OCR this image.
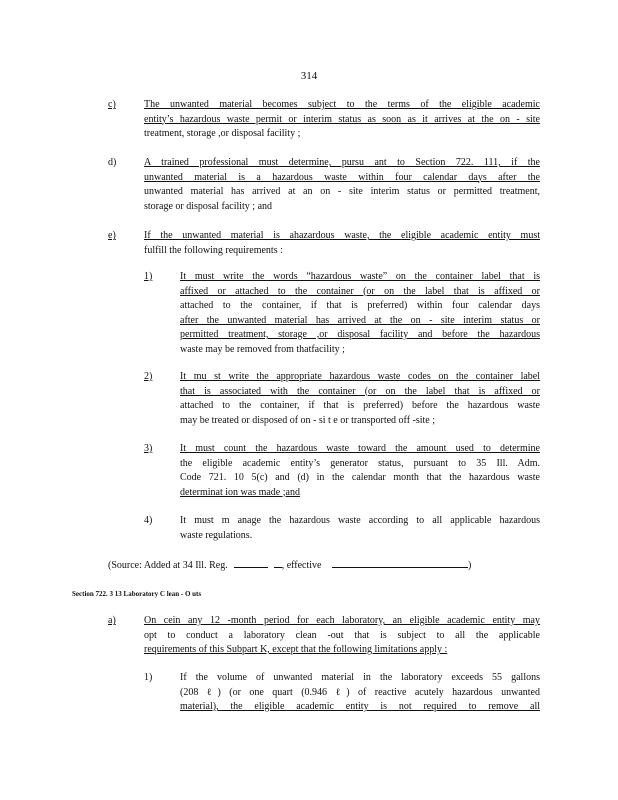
314
c)	The unwanted material becomes subject to the terms of the eligible academic
entity’s hazardous waste permit or interim status as soon as it arrives at the on - site
treatment, storage ,or disposal facility ;
d)	A trained professional must determine, pursu ant to Section 722. 111, if the
unwanted material is a hazardous waste within four calendar days after the
unwanted material has arrived at an on - site interim status or permitted treatment,
storage or disposal facility ; and
e)	If the unwanted material is ahazardous waste, the eligible academic entity must
fulfill the following requirements :
1)	It must write the words “hazardous waste” on the container label that is
affixed or attached to the container (or on the label that is affixed or
attached to the container, if that is preferred) within four calendar days
after the unwanted material has arrived at the on - site interim status or
permitted treatment, storage ,or disposal facility and before the hazardous
waste may be removed from thatfacility ;
2)	It mu st write the appropriate hazardous waste codes on the container label
that is associated with the container (or on the label that is affixed or
attached to the container, if that is preferred) before the hazardous waste
may be treated or disposed of on - si t e or transported off -site ;
3)	It must count the hazardous waste toward the amount used to determine
the eligible academic entity’s generator status, pursuant to 35 Ill. Adm.
Code 721. 10 5(c) and (d) in the calendar month that the hazardous waste
determinat ion was made ;and
4)	It must m anage the hazardous waste according to all applicable hazardous
waste regulations.
(Source: Added at 34 Ill. Reg.	, effective	)
Section 722. 3 13 Laboratory C lean - O uts
a)	On cein any 12 -month period for each laboratory, an eligible academic entity may
opt to conduct a laboratory clean -out that is subject to all the applicable
requirements of this Subpart K, except that the following limitations apply :
1)	If the volume of unwanted material in the laboratory exceeds 55 gallons
(208 ℓ) (or one quart (0.946 ℓ) of reactive acutely hazardous unwanted
material), the eligible academic entity is not required to remove all
